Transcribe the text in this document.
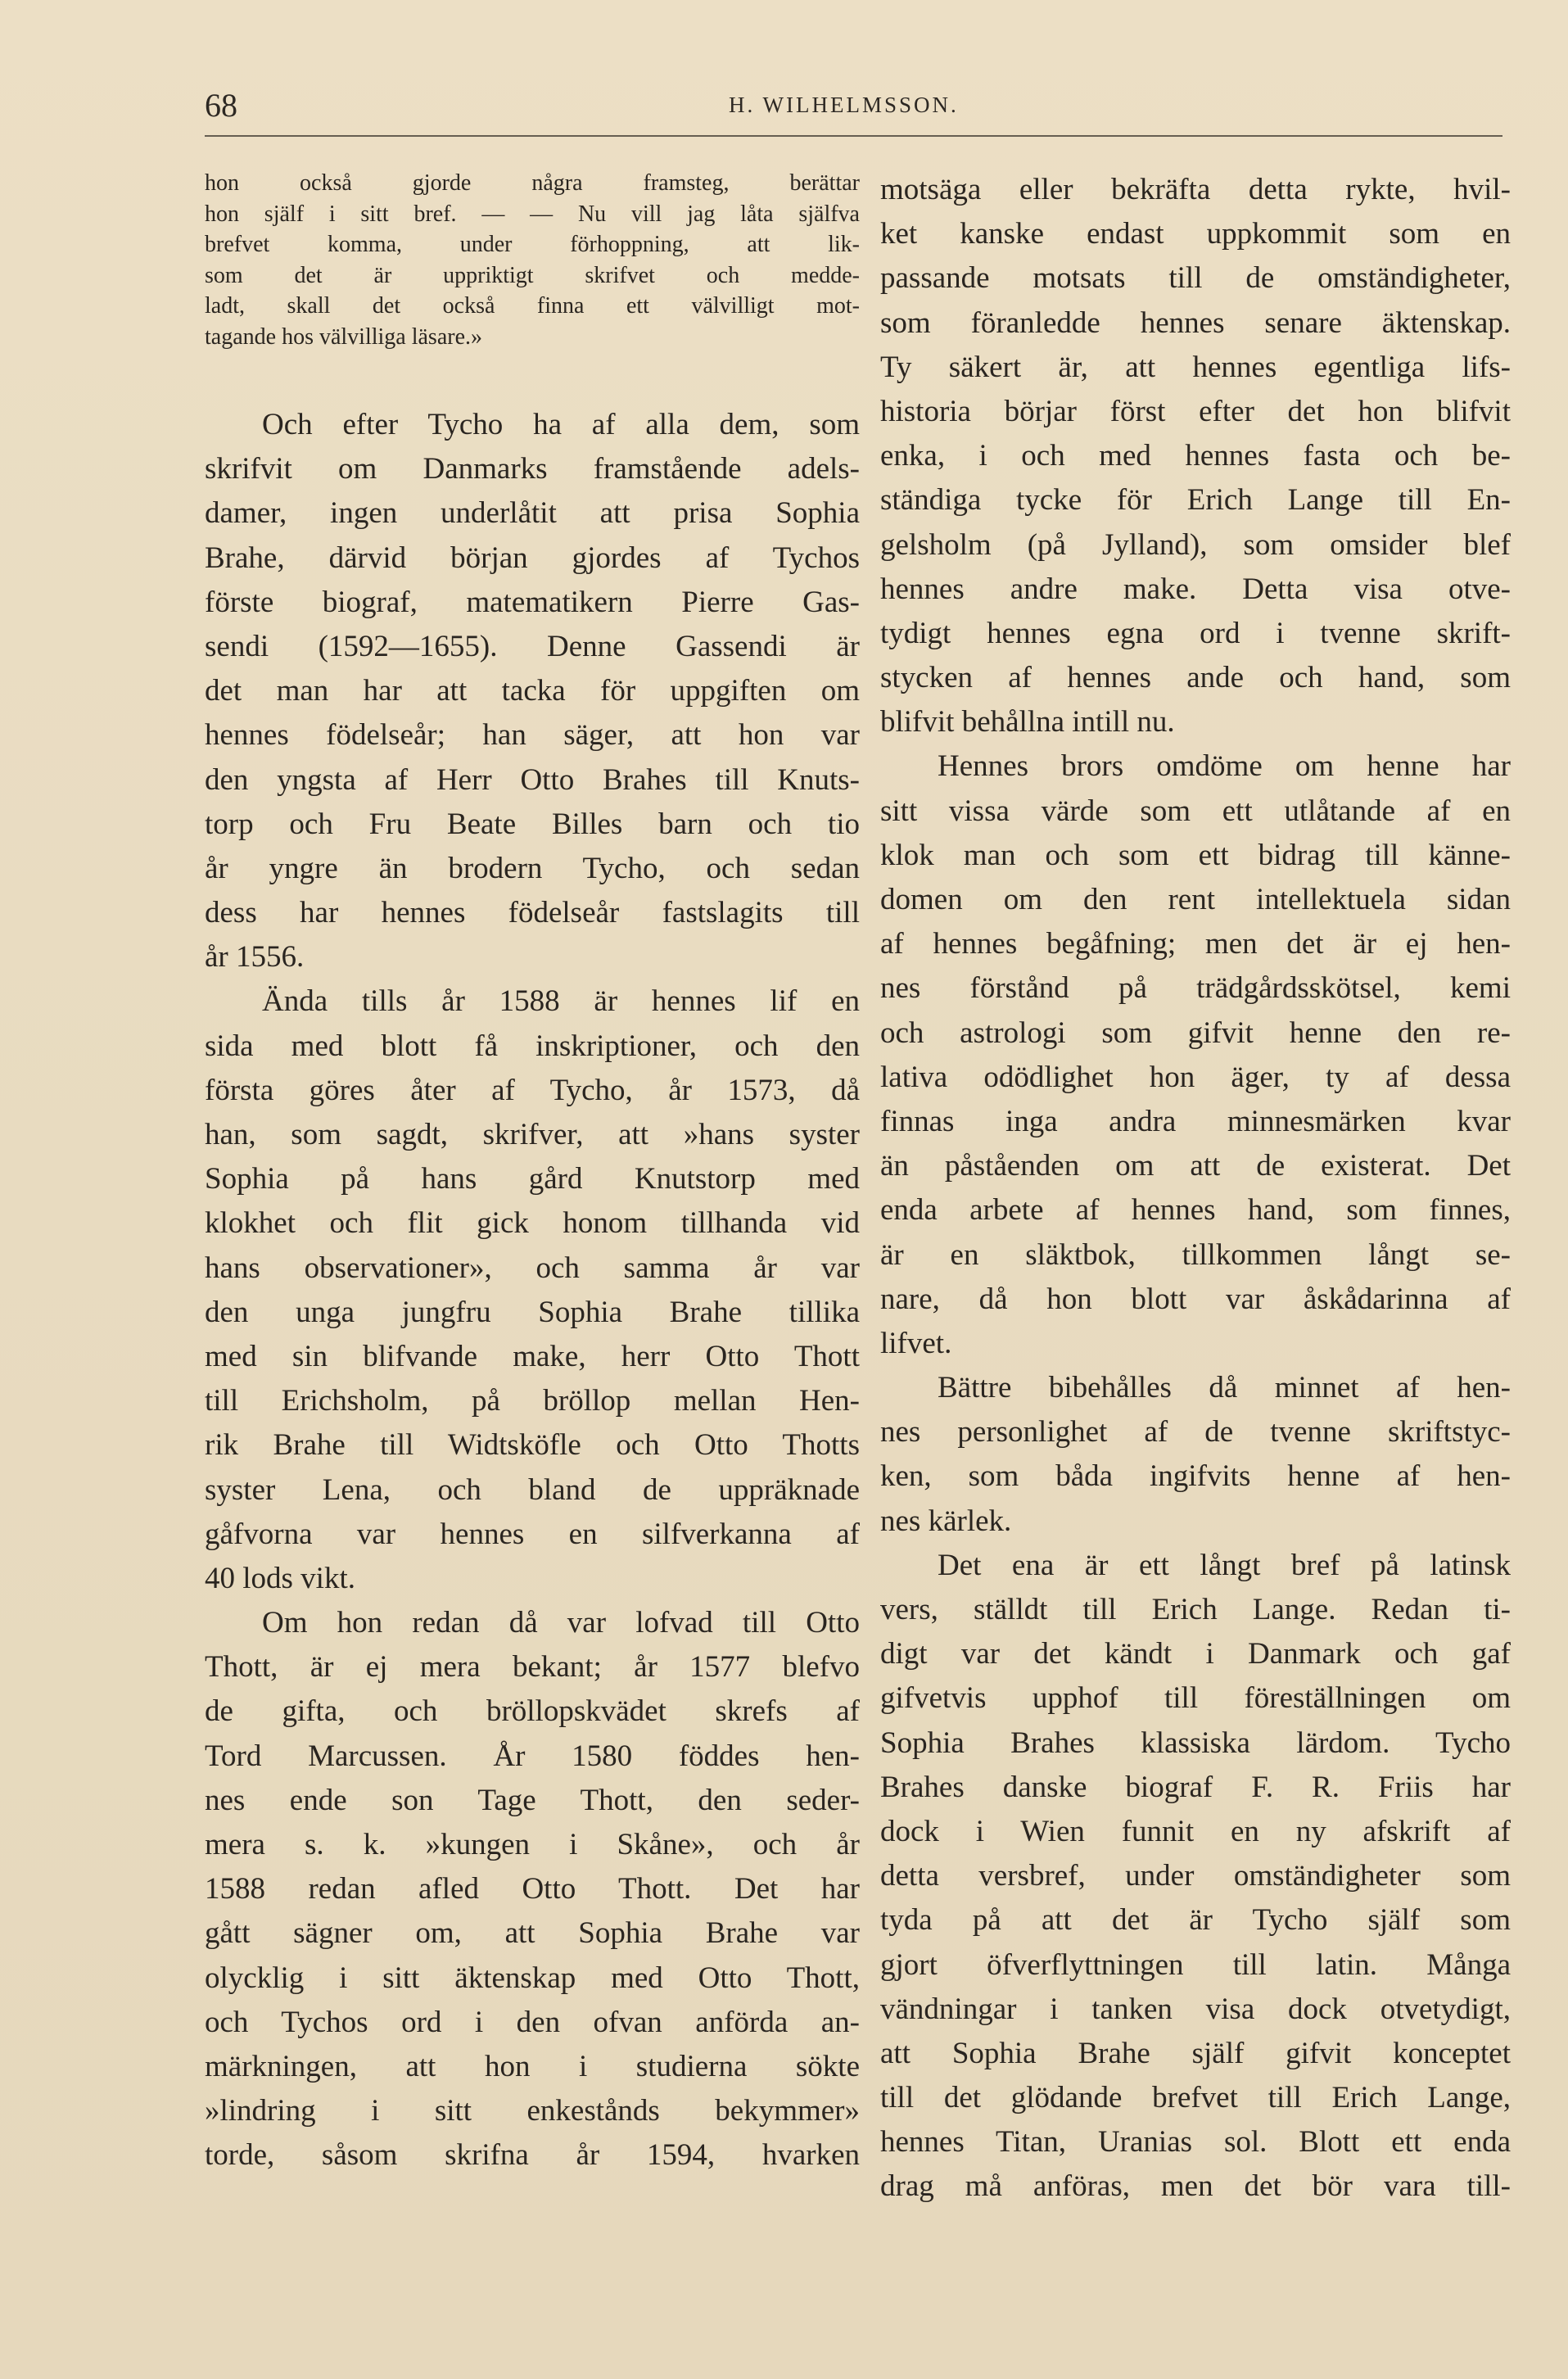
68	H. WILHELMSSON.
hon också gjorde några framsteg, berättar
hon själf i sitt bref. — — Nu vill jag låta själfva
brefvet komma, under förhoppning, att lik-
som det är uppriktigt skrifvet och medde-
ladt, skall det också finna ett välvilligt mot-
tagande hos välvilliga läsare.»
Och efter Tycho ha af alla dem, som
skrifvit om Danmarks framstående adels-
damer, ingen underlåtit att prisa Sophia
Brahe, därvid början gjordes af Tychos
förste biograf, matematikern Pierre Gas-
sendi (1592—1655). Denne Gassendi är
det man har att tacka för uppgiften om
hennes födelseår; han säger, att hon var
den yngsta af Herr Otto Brahes till Knuts-
torp och Fru Beate Billes barn och tio
år yngre än brodern Tycho, och sedan
dess har hennes födelseår fastslagits till
år 1556.
Ända tills år 1588 är hennes lif en
sida med blott få inskriptioner, och den
första göres åter af Tycho, år 1573, då
han, som sagdt, skrifver, att »hans syster
Sophia på hans gård Knutstorp med
klokhet och flit gick honom tillhanda vid
hans observationer», och samma år var
den unga jungfru Sophia Brahe tillika
med sin blifvande make, herr Otto Thott
till Erichsholm, på bröllop mellan Hen-
rik Brahe till Widtsköfle och Otto Thotts
syster Lena, och bland de uppräknade
gåfvorna var hennes en silfverkanna af
40 lods vikt.
Om hon redan då var lofvad till Otto
Thott, är ej mera bekant; år 1577 blefvo
de gifta, och bröllopskvädet skrefs af
Tord Marcussen. År 1580 föddes hen-
nes ende son Tage Thott, den seder-
mera s. k. »kungen i Skåne», och år
1588 redan afled Otto Thott. Det har
gått sägner om, att Sophia Brahe var
olycklig i sitt äktenskap med Otto Thott,
och Tychos ord i den ofvan anförda an-
märkningen, att hon i studierna sökte
»lindring i sitt enkestånds bekymmer»
torde, såsom skrifna år 1594, hvarken
motsäga eller bekräfta detta rykte, hvil-
ket kanske endast uppkommit som en
passande motsats till de omständigheter,
som föranledde hennes senare äktenskap.
Ty säkert är, att hennes egentliga lifs-
historia börjar först efter det hon blifvit
enka, i och med hennes fasta och be-
ständiga tycke för Erich Lange till En-
gelsholm (på Jylland), som omsider blef
hennes andre make. Detta visa otve-
tydigt hennes egna ord i tvenne skrift-
stycken af hennes ande och hand, som
blifvit behållna intill nu.
Hennes brors omdöme om henne har
sitt vissa värde som ett utlåtande af en
klok man och som ett bidrag till känne-
domen om den rent intellektuela sidan
af hennes begåfning; men det är ej hen-
nes förstånd på trädgårdsskötsel, kemi
och astrologi som gifvit henne den re-
lativa odödlighet hon äger, ty af dessa
finnas inga andra minnesmärken kvar
än påståenden om att de existerat. Det
enda arbete af hennes hand, som finnes,
är en släktbok, tillkommen långt se-
nare, då hon blott var åskådarinna af
lifvet.
Bättre bibehålles då minnet af hen-
nes personlighet af de tvenne skriftstyc-
ken, som båda ingifvits henne af hen-
nes kärlek.
Det ena är ett långt bref på latinsk
vers, ställdt till Erich Lange. Redan ti-
digt var det kändt i Danmark och gaf
gifvetvis upphof till föreställningen om
Sophia Brahes klassiska lärdom. Tycho
Brahes danske biograf F. R. Friis har
dock i Wien funnit en ny afskrift af
detta versbref, under omständigheter som
tyda på att det är Tycho själf som
gjort öfverflyttningen till latin. Många
vändningar i tanken visa dock otvetydigt,
att Sophia Brahe själf gifvit konceptet
till det glödande brefvet till Erich Lange,
hennes Titan, Uranias sol. Blott ett enda
drag må anföras, men det bör vara till-
